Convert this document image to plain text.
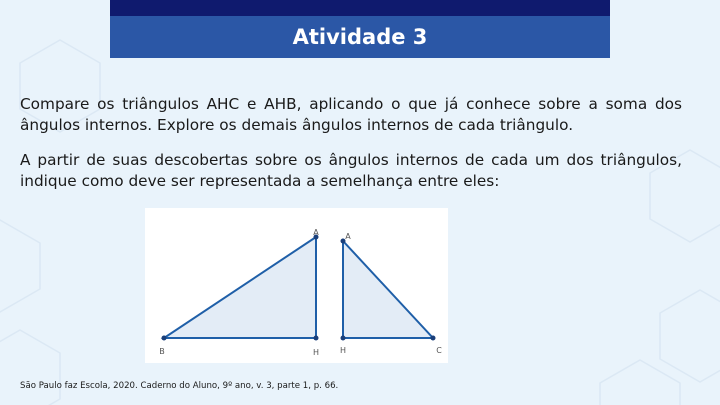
Atividade 3
Compare os triângulos AHC e AHB, aplicando o que já conhece sobre a soma dos ângulos internos. Explore os demais ângulos internos de cada triângulo.
A partir de suas descobertas sobre os ângulos internos de cada um dos triângulos, indique como deve ser representada a semelhança entre eles:
A
B	H
A
H	C
São Paulo faz Escola, 2020. Caderno do Aluno, 9º ano, v. 3, parte 1, p. 66.
